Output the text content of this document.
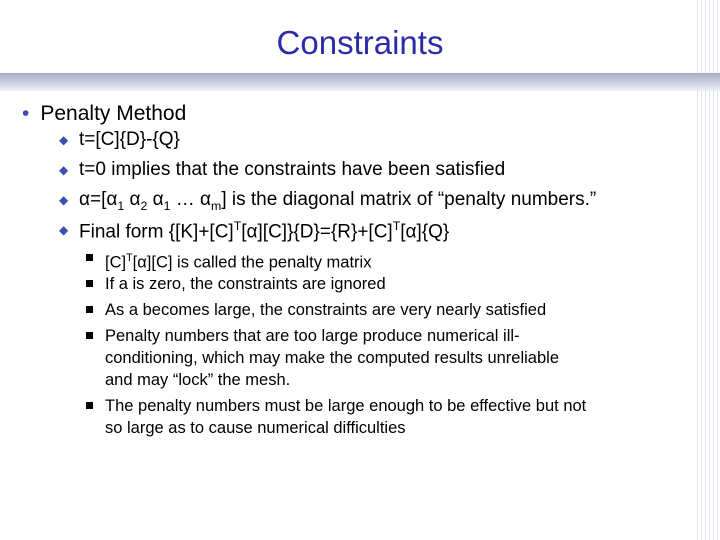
Constraints
• Penalty Method
◆ t=[C]{D}-{Q}
◆ t=0 implies that the constraints have been satisfied
◆ $\alpha=[\alpha_1$ $\alpha_2$ $\alpha_1$ … $\alpha_m$] is the diagonal matrix of “penalty numbers.”
◆ Final form $\{[K]+[C]^T[\alpha][C]\}\{D\}=\{R\}+[C]^T[\alpha]\{Q\}$
$[C]^T[\alpha][C]$ is called the penalty matrix
If a is zero, the constraints are ignored
As a becomes large, the constraints are very nearly satisfied
Penalty numbers that are too large produce numerical ill-
conditioning, which may make the computed results unreliable
and may “lock” the mesh.
The penalty numbers must be large enough to be effective but not
so large as to cause numerical difficulties
